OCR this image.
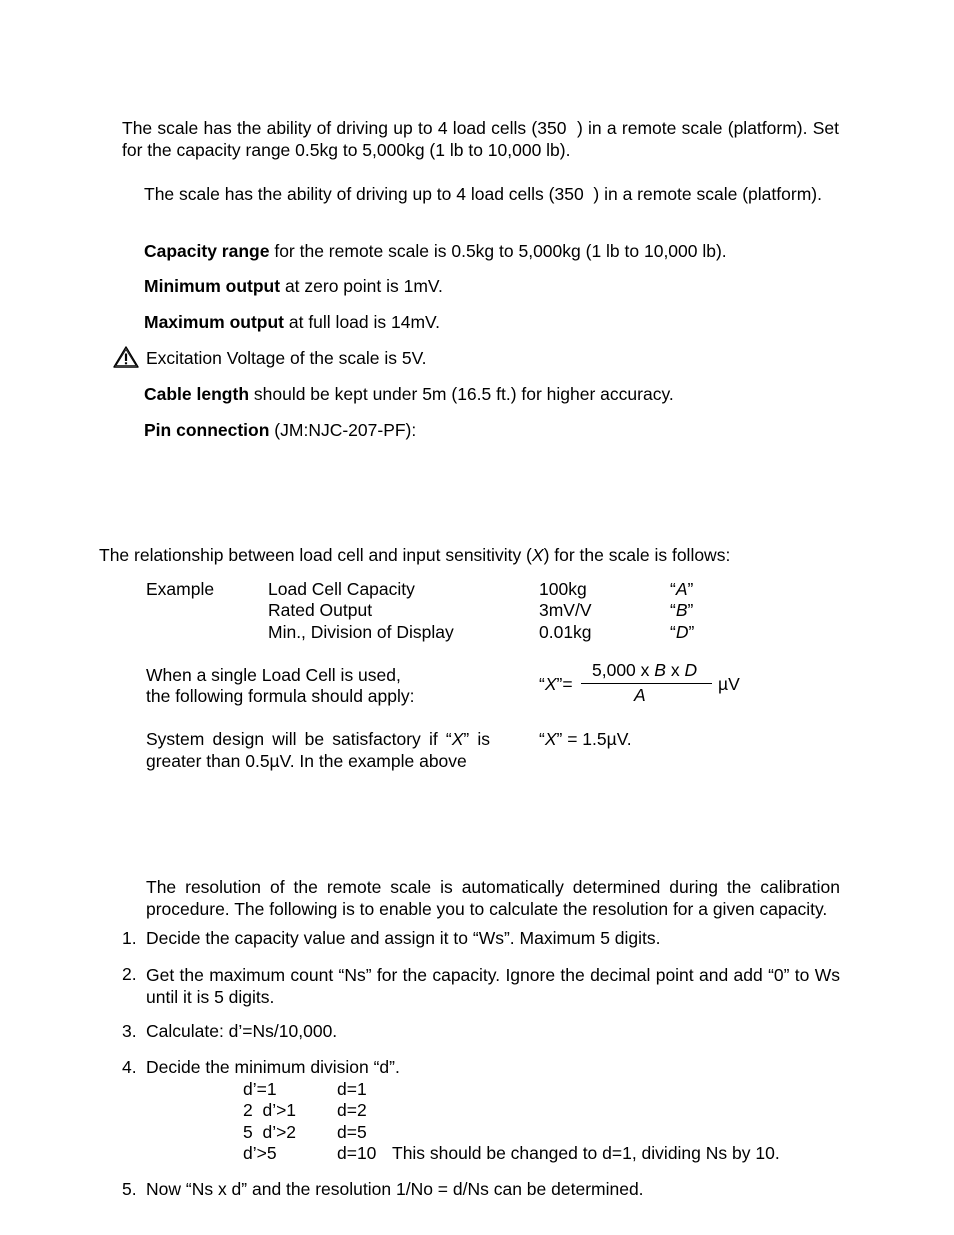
The scale has the ability of driving up to 4 load cells (350  ) in a remote scale (platform). Set for the capacity range 0.5kg to 5,000kg (1 lb to 10,000 lb).
The scale has the ability of driving up to 4 load cells (350  ) in a remote scale (platform).
Capacity range for the remote scale is 0.5kg to 5,000kg (1 lb to 10,000 lb).
Minimum output at zero point is 1mV.
Maximum output at full load is 14mV.
Excitation Voltage of the scale is 5V.
Cable length should be kept under 5m (16.5 ft.) for higher accuracy.
Pin connection (JM:NJC-207-PF):
The relationship between load cell and input sensitivity (X) for the scale is follows:
Example	Load Cell Capacity	100kg	“A”
Rated Output	3mV/V	“B”
Min., Division of Display	0.01kg	“D”
When a single Load Cell is used,
the following formula should apply:
“X”=
5,000 x B x D
A
µV
System design will be satisfactory if “X” is
greater than 0.5µV. In the example above
“X” = 1.5µV.
The resolution of the remote scale is automatically determined during the calibration procedure. The following is to enable you to calculate the resolution for a given capacity.
1. Decide the capacity value and assign it to “Ws”. Maximum 5 digits.
2. Get the maximum count “Ns” for the capacity. Ignore the decimal point and add “0” to Ws until it is 5 digits.
3. Calculate: d’=Ns/10,000.
4. Decide the minimum division “d”.
d’=1	d=1
2  d’>1 d=2
5  d’>2 d=5
d’>5	d=10 This should be changed to d=1, dividing Ns by 10.
5. Now “Ns x d” and the resolution 1/No = d/Ns can be determined.
